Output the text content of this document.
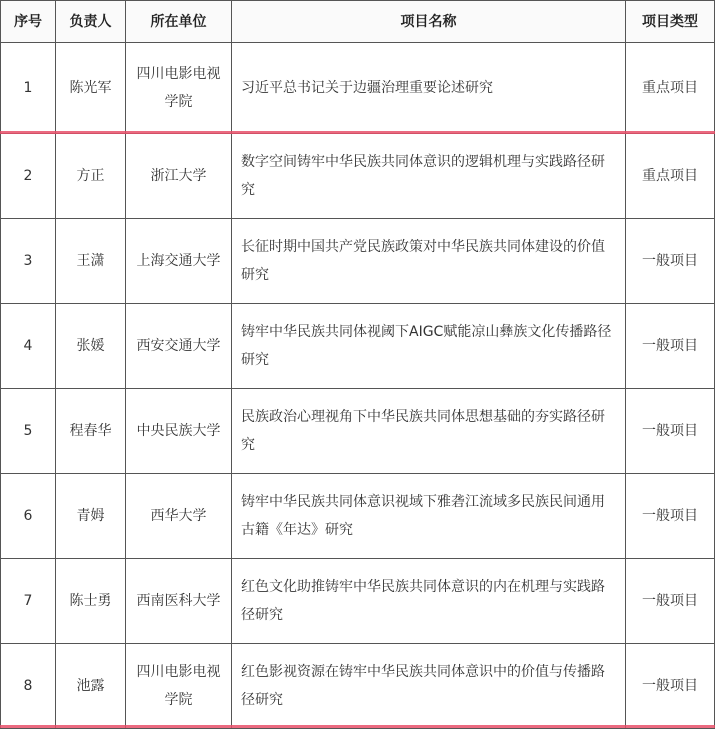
序号	负责人	所在单位	项目名称	项目类型
1	陈光军	四川电影电视学院	习近平总书记关于边疆治理重要论述研究	重点项目
2	方正	浙江大学	数字空间铸牢中华民族共同体意识的逻辑机理与实践路径研究	重点项目
3	王潇	上海交通大学	长征时期中国共产党民族政策对中华民族共同体建设的价值研究	一般项目
4	张媛	西安交通大学	铸牢中华民族共同体视阈下AIGC赋能凉山彝族文化传播路径研究	一般项目
5	程春华	中央民族大学	民族政治心理视角下中华民族共同体思想基础的夯实路径研究	一般项目
6	青姆	西华大学	铸牢中华民族共同体意识视域下雅砻江流域多民族民间通用古籍《年达》研究	一般项目
7	陈士勇	西南医科大学	红色文化助推铸牢中华民族共同体意识的内在机理与实践路径研究	一般项目
8	池露	四川电影电视学院	红色影视资源在铸牢中华民族共同体意识中的价值与传播路径研究	一般项目
